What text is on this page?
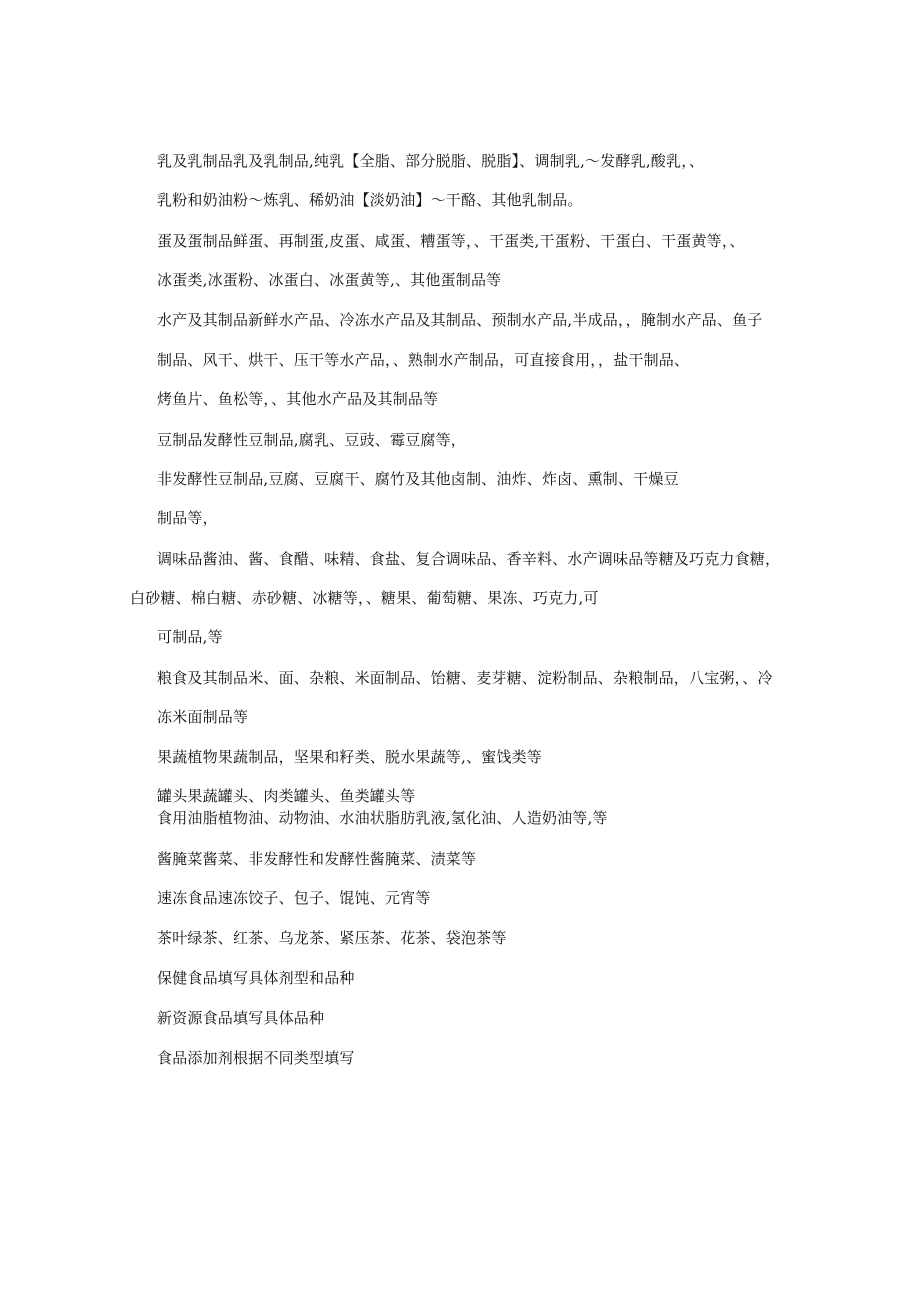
乳及乳制品乳及乳制品,纯乳【全脂、部分脱脂、脱脂】、调制乳,～发酵乳,酸乳，、
乳粉和奶油粉～炼乳、稀奶油【淡奶油】～干酪、其他乳制品。
蛋及蛋制品鲜蛋、再制蛋,皮蛋、咸蛋、糟蛋等，、干蛋类,干蛋粉、干蛋白、干蛋黄等，、
冰蛋类,冰蛋粉、冰蛋白、冰蛋黄等,、其他蛋制品等
水产及其制品新鲜水产品、冷冻水产品及其制品、预制水产品,半成品，，腌制水产品、鱼子
制品、风干、烘干、压干等水产品，、熟制水产制品，可直接食用，，盐干制品、
烤鱼片、鱼松等，、其他水产品及其制品等
豆制品发酵性豆制品,腐乳、豆豉、霉豆腐等，
非发酵性豆制品,豆腐、豆腐干、腐竹及其他卤制、油炸、炸卤、熏制、干燥豆
制品等，
调味品酱油、酱、食醋、味精、食盐、复合调味品、香辛料、水产调味品等糖及巧克力食糖，
白砂糖、棉白糖、赤砂糖、冰糖等，、糖果、葡萄糖、果冻、巧克力,可
可制品,等
粮食及其制品米、面、杂粮、米面制品、饴糖、麦芽糖、淀粉制品、杂粮制品，八宝粥，、冷
冻米面制品等
果蔬植物果蔬制品，坚果和籽类、脱水果蔬等,、蜜饯类等
罐头果蔬罐头、肉类罐头、鱼类罐头等
食用油脂植物油、动物油、水油状脂肪乳液,氢化油、人造奶油等,等
酱腌菜酱菜、非发酵性和发酵性酱腌菜、渍菜等
速冻食品速冻饺子、包子、馄饨、元宵等
茶叶绿茶、红茶、乌龙茶、紧压茶、花茶、袋泡茶等
保健食品填写具体剂型和品种
新资源食品填写具体品种
食品添加剂根据不同类型填写
